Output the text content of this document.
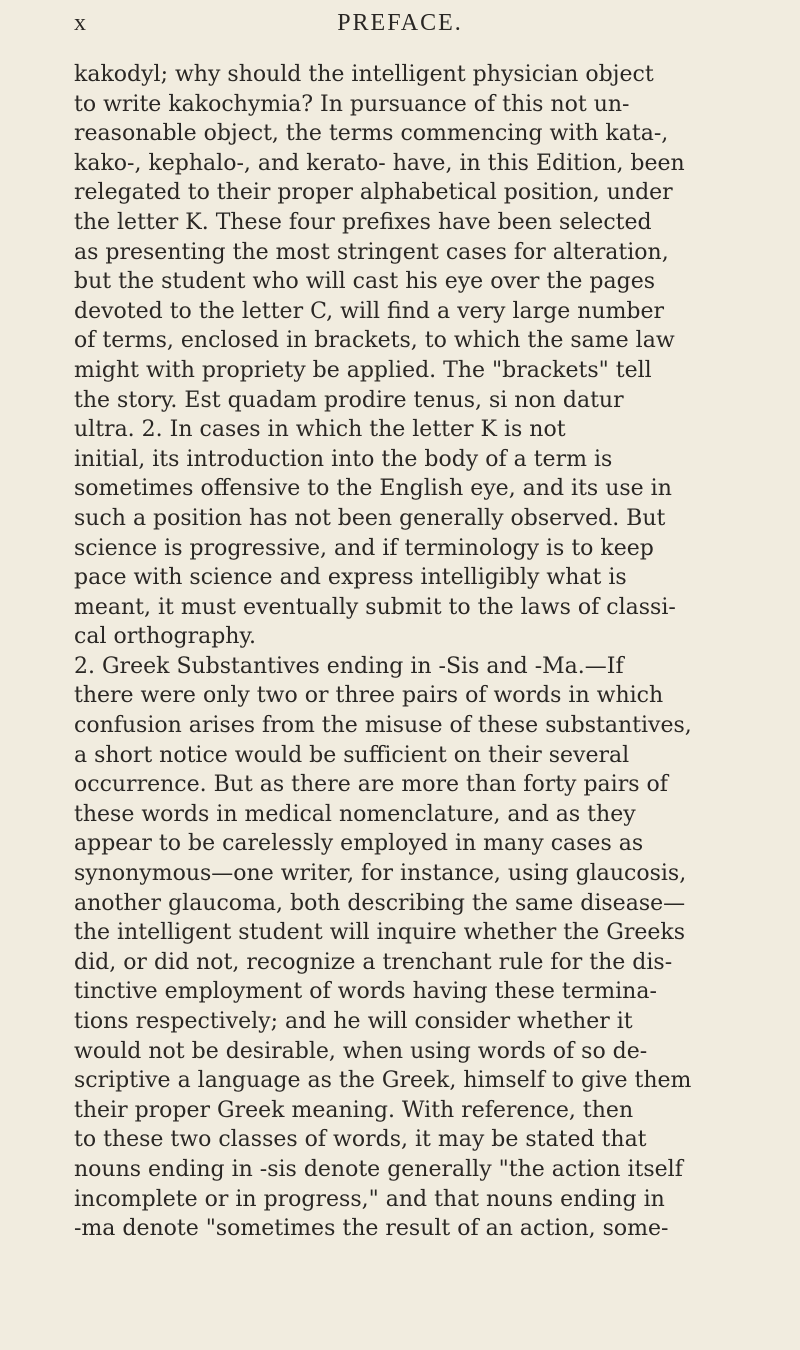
x	PREFACE.
kakodyl; why should the intelligent physician object
to write kakochymia? In pursuance of this not un-
reasonable object, the terms commencing with kata-,
kako-, kephalo-, and kerato- have, in this Edition, been
relegated to their proper alphabetical position, under
the letter K. These four prefixes have been selected
as presenting the most stringent cases for alteration,
but the student who will cast his eye over the pages
devoted to the letter C, will find a very large number
of terms, enclosed in brackets, to which the same law
might with propriety be applied. The "brackets" tell
the story. Est quadam prodire tenus, si non datur
ultra. 2. In cases in which the letter K is not
initial, its introduction into the body of a term is
sometimes offensive to the English eye, and its use in
such a position has not been generally observed. But
science is progressive, and if terminology is to keep
pace with science and express intelligibly what is
meant, it must eventually submit to the laws of classi-
cal orthography.
2. Greek Substantives ending in -Sis and -Ma.—If
there were only two or three pairs of words in which
confusion arises from the misuse of these substantives,
a short notice would be sufficient on their several
occurrence. But as there are more than forty pairs of
these words in medical nomenclature, and as they
appear to be carelessly employed in many cases as
synonymous—one writer, for instance, using glaucosis,
another glaucoma, both describing the same disease—
the intelligent student will inquire whether the Greeks
did, or did not, recognize a trenchant rule for the dis-
tinctive employment of words having these termina-
tions respectively; and he will consider whether it
would not be desirable, when using words of so de-
scriptive a language as the Greek, himself to give them
their proper Greek meaning. With reference, then
to these two classes of words, it may be stated that
nouns ending in -sis denote generally "the action itself
incomplete or in progress," and that nouns ending in
-ma denote "sometimes the result of an action, some-
